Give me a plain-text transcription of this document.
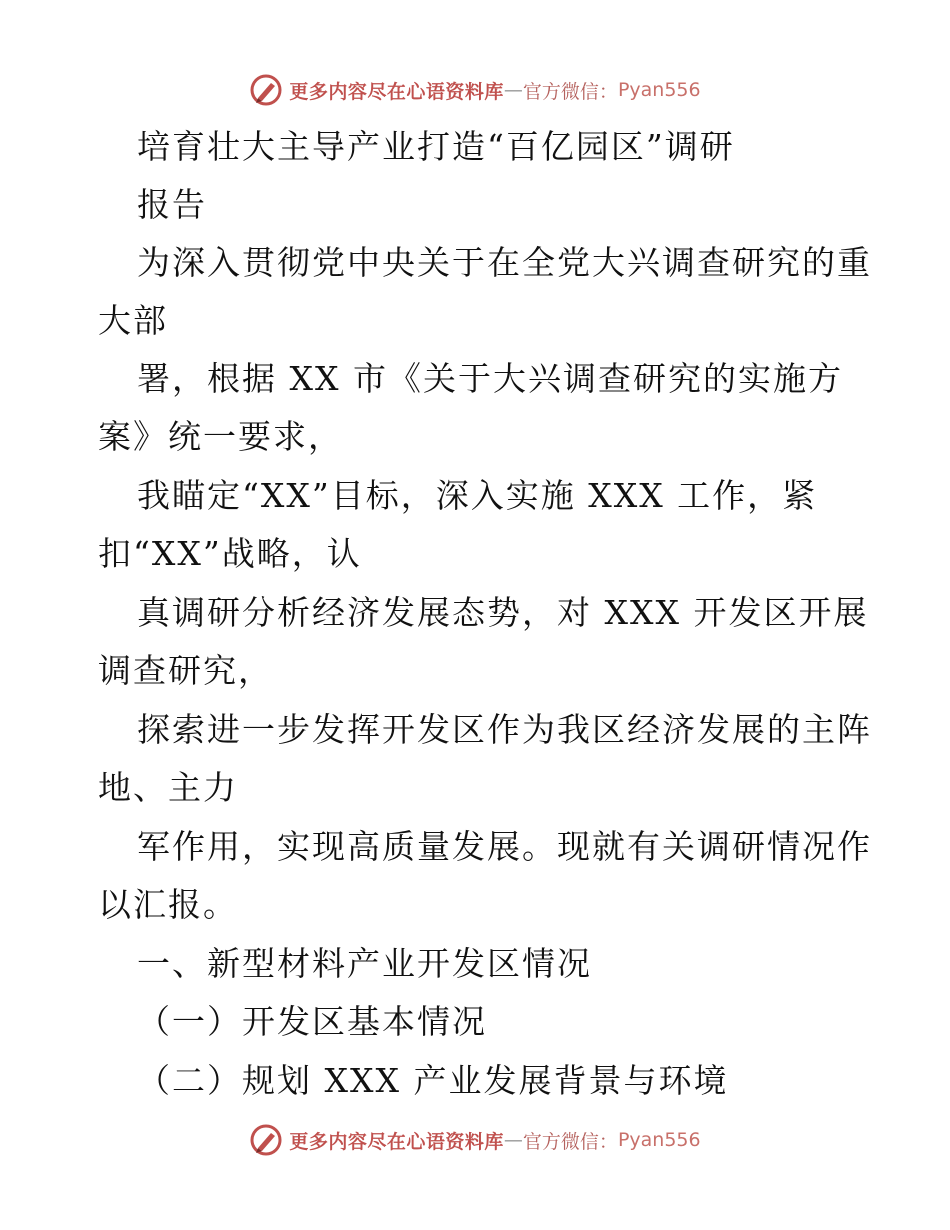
更多内容尽在心语资料库 — 官方微信： Pyan556
培育壮大主导产业打造“百亿园区”调研
报告
为深入贯彻党中央关于在全党大兴调查研究的重
大部
署，根据 XX 市《关于大兴调查研究的实施方
案》统一要求，
我瞄定“XX”目标，深入实施 XXX 工作，紧
扣“XX”战略，认
真调研分析经济发展态势，对 XXX 开发区开展
调查研究，
探索进一步发挥开发区作为我区经济发展的主阵
地、主力
军作用，实现高质量发展。现就有关调研情况作
以汇报。
一、新型材料产业开发区情况
（一）开发区基本情况
（二）规划 XXX 产业发展背景与环境
更多内容尽在心语资料库 — 官方微信： Pyan556
